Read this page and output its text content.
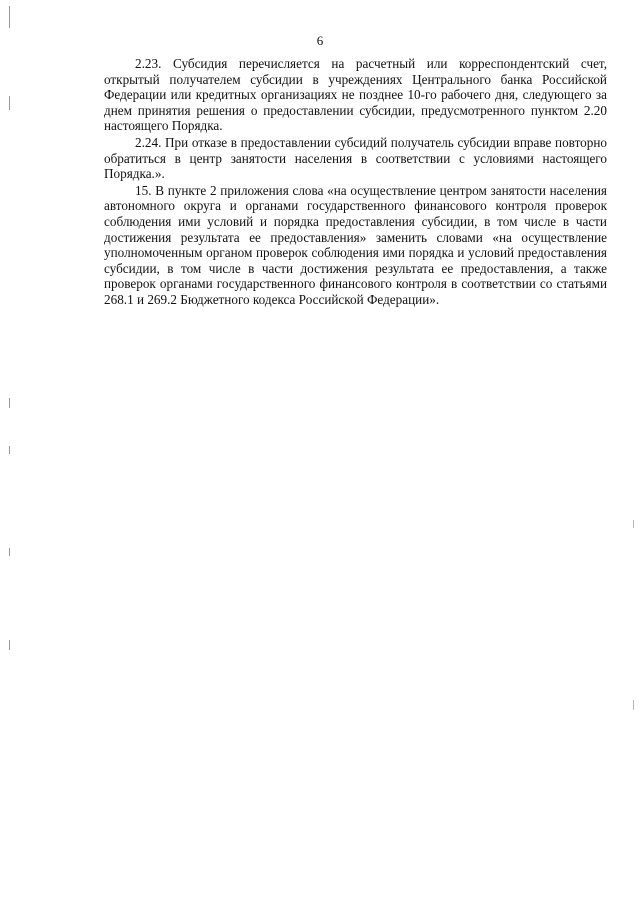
6

2.23. Субсидия перечисляется на расчетный или корреспондентский счет, открытый получателем субсидии в учреждениях Центрального банка Российской Федерации или кредитных организациях не позднее 10-го рабочего дня, следующего за днем принятия решения о предоставлении субсидии, предусмотренного пунктом 2.20 настоящего Порядка.

2.24. При отказе в предоставлении субсидий получатель субсидии вправе повторно обратиться в центр занятости населения в соответствии с условиями настоящего Порядка.».

15. В пункте 2 приложения слова «на осуществление центром занятости населения автономного округа и органами государственного финансового контроля проверок соблюдения ими условий и порядка предоставления субсидии, в том числе в части достижения результата ее предоставления» заменить словами «на осуществление уполномоченным органом проверок соблюдения ими порядка и условий предоставления субсидии, в том числе в части достижения результата ее предоставления, а также проверок органами государственного финансового контроля в соответствии со статьями 268.1 и 269.2 Бюджетного кодекса Российской Федерации».
